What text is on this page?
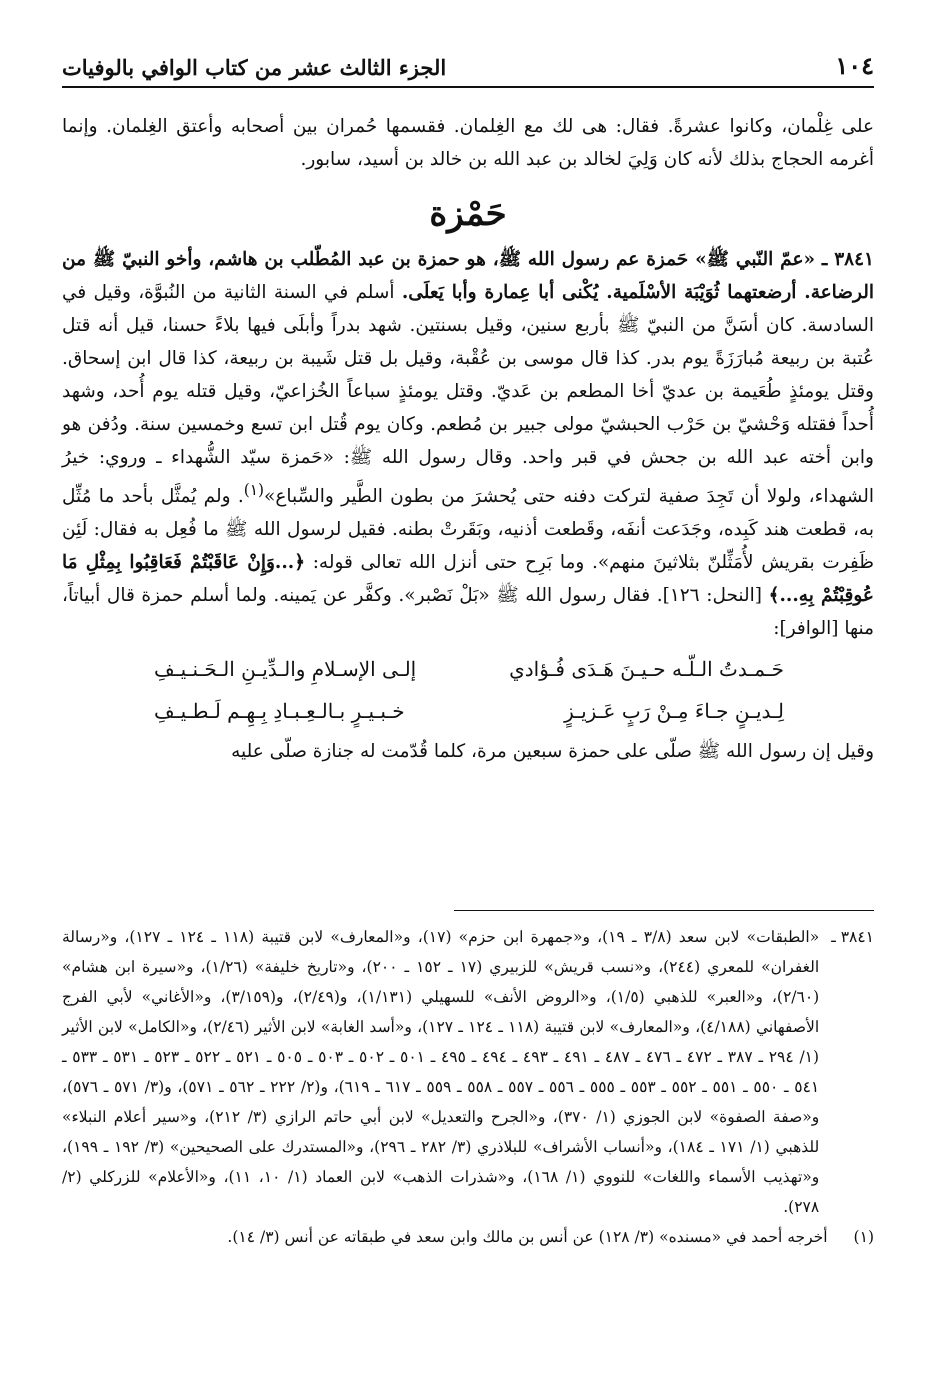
١٠٤
الجزء الثالث عشر من كتاب الوافي بالوفيات

على غِلْمان، وكانوا عشرةً. فقال: هى لك مع الغِلمان. فقسمها حُمران بين أصحابه وأعتق الغِلمان. وإنما أغرمه الحجاج بذلك لأنه كان وَلِيَ لخالد بن عبد الله بن خالد بن أسيد، سابور.

حَمْزة

٣٨٤١ ـ «عمّ النّبي ﷺ» حَمزة عم رسول الله ﷺ، هو حمزة بن عبد المُطّلب بن هاشم، وأخو النبيّ ﷺ من الرضاعة. أرضعتهما ثُوَيْبَة الأسْلَمية. يُكْنى أبا عِمارة وأبا يَعلَى. أسلم في السنة الثانية من النُبوَّة، وقيل في السادسة. كان أسَنَّ من النبيّ ﷺ بأربع سنين، وقيل بسنتين. شهد بدراً وأبلَى فيها بلاءً حسنا، قيل أنه قتل عُتبة بن ربيعة مُبارَزَةً يوم بدر. كذا قال موسى بن عُقْبة، وقيل بل قتل شَيبة بن ربيعة، كذا قال ابن إسحاق. وقتل يومئذٍ طُعَيمة بن عديّ أخا المطعم بن عَديّ. وقتل يومئذٍ سباعاً الخُزاعيّ، وقيل قتله يوم أُحد، وشهد أُحداً فقتله وَحْشيّ بن حَرْب الحبشيّ مولى جبير بن مُطعم. وكان يوم قُتل ابن تسع وخمسين سنة. ودُفن هو وابن أخته عبد الله بن جحش في قبر واحد. وقال رسول الله ﷺ: «حَمزة سيّد الشُّهداء ـ وروي: خيرُ الشهداء، ولولا أن تَجِدَ صفية لتركت دفنه حتى يُحشرَ من بطون الطَّير والسِّباع»$^{(١)}$. ولم يُمثَّل بأحد ما مُثِّل به، قطعت هند كَبِده، وجَدَعت أنفَه، وقَطعت أذنيه، وبَقَرتْ بطنه. فقيل لرسول الله ﷺ ما فُعِل به فقال: لَئِن ظَفِرت بقريش لأُمَثِّلنّ بثلاثينَ منهم». وما بَرِح حتى أنزل الله تعالى قوله: ﴿...وَإِنْ عَاقَبْتُمْ فَعَاقِبُوا بِمِثْلِ مَا عُوقِبْتُمْ بِهِ...﴾ [النحل: ١٢٦]. فقال رسول الله ﷺ «بَلْ نَصْبر». وكفَّر عن يَمينه. ولما أسلم حمزة قال أبياتاً، منها [الوافر]:

حَـمـدتُ الـلّـه حـيـنَ هَـدَى فُـؤادي
إلـى الإسـلامِ والـدِّيـنِ الـحَـنـيـفِ
لِـديـنٍ جـاءَ مِـنْ رَبٍ عَـزيـزٍ
خـبـيـرٍ بـالـعِـبـادِ بِـهِـم لَـطـيـفِ

وقيل إن رسول الله ﷺ صلّى على حمزة سبعين مرة، كلما قُدّمت له جنازة صلّى عليه

٣٨٤١ ـ
«الطبقات» لابن سعد (٣/٨ ـ ١٩)، و«جمهرة ابن حزم» (١٧)، و«المعارف» لابن قتيبة (١١٨ ـ ١٢٤ ـ ١٢٧)، و«رسالة الغفران» للمعري (٢٤٤)، و«نسب قريش» للزبيري (١٧ ـ ١٥٢ ـ ٢٠٠)، و«تاريخ خليفة» (١/٢٦)، و«سيرة ابن هشام» (٢/٦٠)، و«العبر» للذهبي (١/٥)، و«الروض الأنف» للسهيلي (١/١٣١)، و(٢/٤٩)، و(٣/١٥٩)، و«الأغاني» لأبي الفرج الأصفهاني (٤/١٨٨)، و«المعارف» لابن قتيبة (١١٨ ـ ١٢٤ ـ ١٢٧)، و«أسد الغابة» لابن الأثير (٢/٤٦)، و«الكامل» لابن الأثير (١/ ٢٩٤ ـ ٣٨٧ ـ ٤٧٢ ـ ٤٧٦ ـ ٤٨٧ ـ ٤٩١ ـ ٤٩٣ ـ ٤٩٤ ـ ٤٩٥ ـ ٥٠١ ـ ٥٠٢ ـ ٥٠٣ ـ ٥٠٥ ـ ٥٢١ ـ ٥٢٢ ـ ٥٢٣ ـ ٥٣١ ـ ٥٣٣ ـ ٥٤١ ـ ٥٥٠ ـ ٥٥١ ـ ٥٥٢ ـ ٥٥٣ ـ ٥٥٥ ـ ٥٥٦ ـ ٥٥٧ ـ ٥٥٨ ـ ٥٥٩ ـ ٦١٧ ـ ٦١٩)، و(٢/ ٢٢٢ ـ ٥٦٢ ـ ٥٧١)، و(٣/ ٥٧١ ـ ٥٧٦)، و«صفة الصفوة» لابن الجوزي (١/ ٣٧٠)، و«الجرح والتعديل» لابن أبي حاتم الرازي (٣/ ٢١٢)، و«سير أعلام النبلاء» للذهبي (١/ ١٧١ ـ ١٨٤)، و«أنساب الأشراف» للبلاذري (٣/ ٢٨٢ ـ ٢٩٦)، و«المستدرك على الصحيحين» (٣/ ١٩٢ ـ ١٩٩)، و«تهذيب الأسماء واللغات» للنووي (١/ ١٦٨)، و«شذرات الذهب» لابن العماد (١/ ١٠، ١١)، و«الأعلام» للزركلي (٢/ ٢٧٨).
(١)
أخرجه أحمد في «مسنده» (٣/ ١٢٨) عن أنس بن مالك وابن سعد في طبقاته عن أنس (٣/ ١٤).
